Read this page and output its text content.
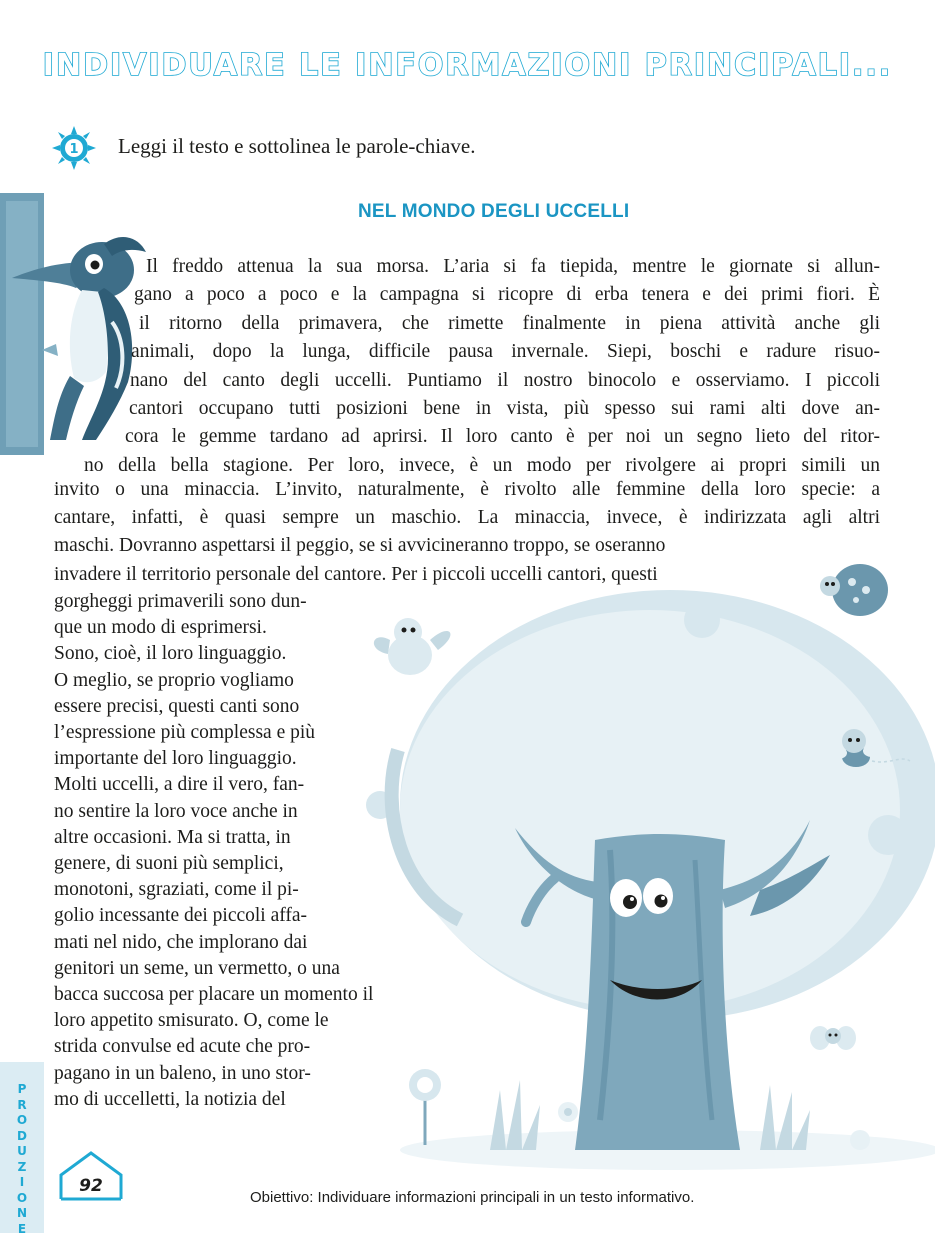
INDIVIDUARE LE INFORMAZIONI PRINCIPALI...
1 Leggi il testo e sottolinea le parole-chiave.
NEL MONDO DEGLI UCCELLI
P
R
O
D
U
Z
I
O
N
E
Il freddo attenua la sua morsa. L’aria si fa tiepida, mentre le giornate si allun-
gano a poco a poco e la campagna si ricopre di erba tenera e dei primi fiori. È
il ritorno della primavera, che rimette finalmente in piena attività anche gli
animali, dopo la lunga, difficile pausa invernale. Siepi, boschi e radure risuo-
nano del canto degli uccelli. Puntiamo il nostro binocolo e osserviamo. I piccoli
cantori occupano tutti posizioni bene in vista, più spesso sui rami alti dove an-
cora le gemme tardano ad aprirsi. Il loro canto è per noi un segno lieto del ritor-
no della bella stagione. Per loro, invece, è un modo per rivolgere ai propri simili un
invito o una minaccia. L’invito, naturalmente, è rivolto alle femmine della loro specie: a
cantare, infatti, è quasi sempre un maschio. La minaccia, invece, è indirizzata agli altri
maschi. Dovranno aspettarsi il peggio, se si avvicineranno troppo, se oseranno
invadere il territorio personale del cantore. Per i piccoli uccelli cantori, questi
gorgheggi primaverili sono dun-
que un modo di esprimersi.
Sono, cioè, il loro linguaggio.
O meglio, se proprio vogliamo
essere precisi, questi canti sono
l’espressione più complessa e più
importante del loro linguaggio.
Molti uccelli, a dire il vero, fan-
no sentire la loro voce anche in
altre occasioni. Ma si tratta, in
genere, di suoni più semplici,
monotoni, sgraziati, come il pi-
golio incessante dei piccoli affa-
mati nel nido, che implorano dai
genitori un seme, un vermetto, o una
bacca succosa per placare un momento il
loro appetito smisurato. O, come le
strida convulse ed acute che pro-
pagano in un baleno, in uno stor-
mo di uccelletti, la notizia del
92
Obiettivo: Individuare informazioni principali in un testo informativo.
